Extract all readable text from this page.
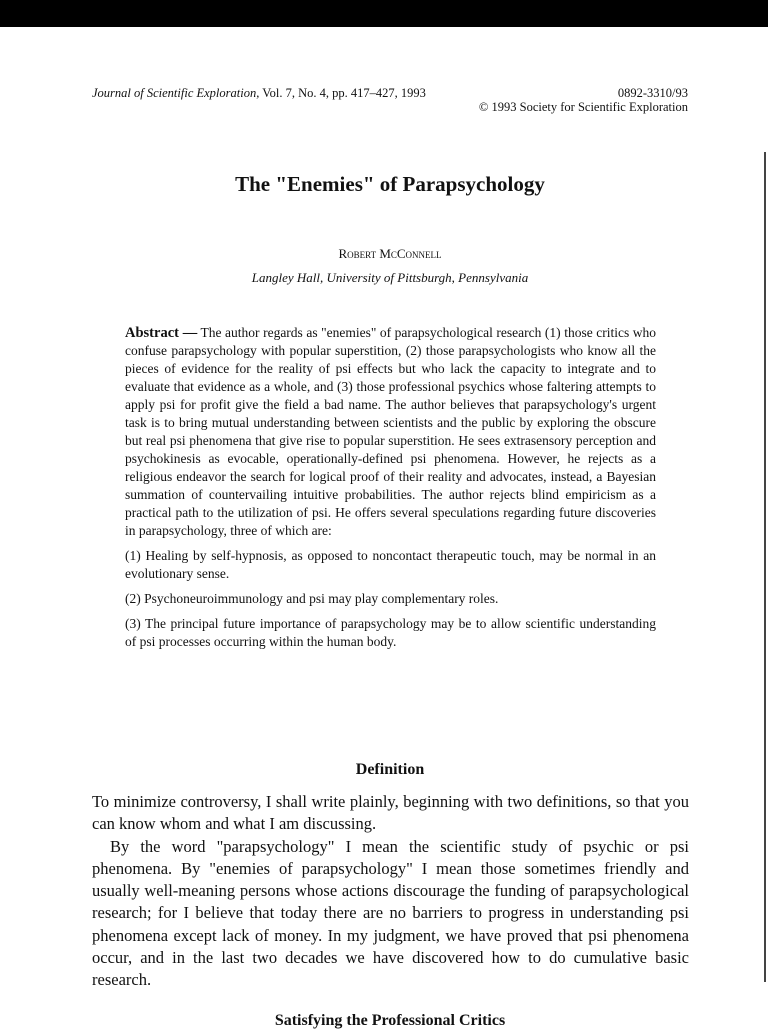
Journal of Scientific Exploration, Vol. 7, No. 4, pp. 417–427, 1993	0892-3310/93
© 1993 Society for Scientific Exploration
The "Enemies" of Parapsychology
Robert McConnell
Langley Hall, University of Pittsburgh, Pennsylvania

Abstract — The author regards as "enemies" of parapsychological research (1) those critics who confuse parapsychology with popular superstition, (2) those parapsychologists who know all the pieces of evidence for the reality of psi effects but who lack the capacity to integrate and to evaluate that evidence as a whole, and (3) those professional psychics whose faltering attempts to apply psi for profit give the field a bad name. The author believes that parapsychology's urgent task is to bring mutual understanding between scientists and the public by exploring the obscure but real psi phenomena that give rise to popular superstition. He sees extrasensory perception and psychokinesis as evocable, operationally-defined psi phenomena. However, he rejects as a religious endeavor the search for logical proof of their reality and advocates, instead, a Bayesian summation of countervailing intuitive probabilities. The author rejects blind empiricism as a practical path to the utilization of psi. He offers several speculations regarding future discoveries in parapsychology, three of which are:

(1) Healing by self-hypnosis, as opposed to noncontact therapeutic touch, may be normal in an evolutionary sense.

(2) Psychoneuroimmunology and psi may play complementary roles.

(3) The principal future importance of parapsychology may be to allow scientific understanding of psi processes occurring within the human body.

Definition

To minimize controversy, I shall write plainly, beginning with two definitions, so that you can know whom and what I am discussing.

By the word "parapsychology" I mean the scientific study of psychic or psi phenomena. By "enemies of parapsychology" I mean those sometimes friendly and usually well-meaning persons whose actions discourage the funding of parapsychological research; for I believe that today there are no barriers to progress in understanding psi phenomena except lack of money. In my judgment, we have proved that psi phenomena occur, and in the last two decades we have discovered how to do cumulative basic research.

Satisfying the Professional Critics
